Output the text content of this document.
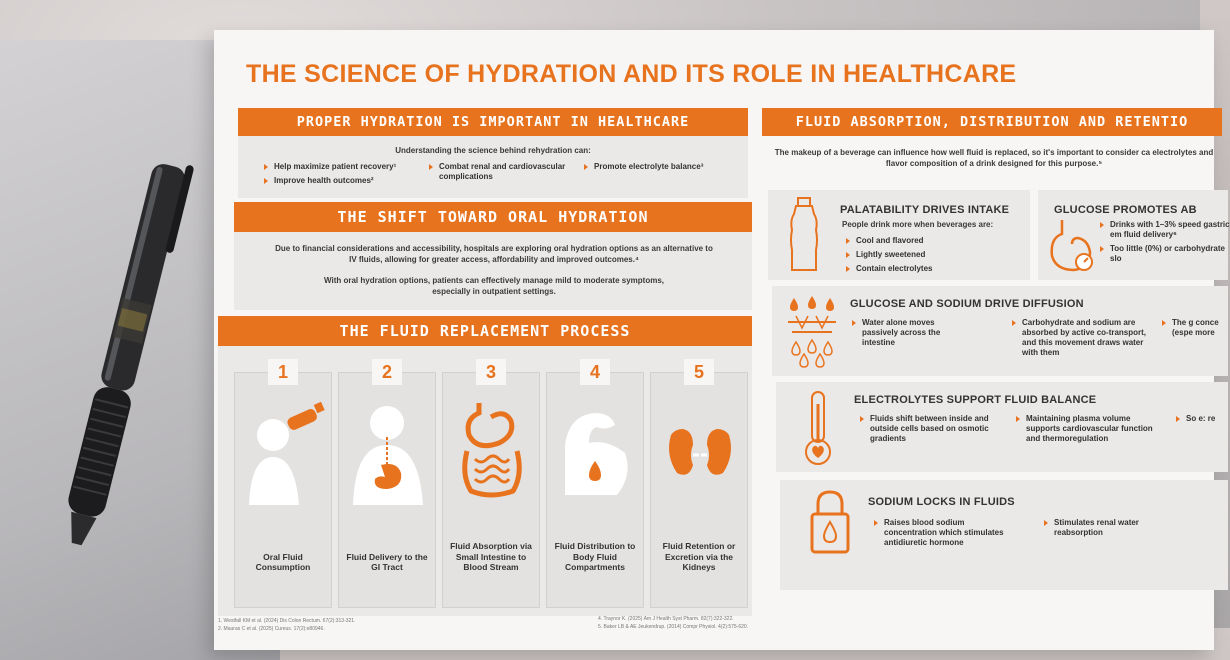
THE SCIENCE OF HYDRATION AND ITS ROLE IN HEALTHCARE
PROPER HYDRATION IS IMPORTANT IN HEALTHCARE
Understanding the science behind rehydration can:
Help maximize patient recovery¹
Improve health outcomes²
Combat renal and cardiovascular complications
Promote electrolyte balance³
THE SHIFT TOWARD ORAL HYDRATION
Due to financial considerations and accessibility, hospitals are exploring oral hydration options as an alternative to IV fluids, allowing for greater access, affordability and improved outcomes.⁴
With oral hydration options, patients can effectively manage mild to moderate symptoms, especially in outpatient settings.
THE FLUID REPLACEMENT PROCESS
1
Oral Fluid Consumption
2
Fluid Delivery to the GI Tract
3
Fluid Absorption via Small Intestine to Blood Stream
4
Fluid Distribution to Body Fluid Compartments
5
Fluid Retention or Excretion via the Kidneys
FLUID ABSORPTION, DISTRIBUTION AND RETENTIO
The makeup of a beverage can influence how well fluid is replaced, so it's important to consider ca electrolytes and flavor composition of a drink designed for this purpose.⁵
PALATABILITY DRIVES INTAKE
People drink more when beverages are:
Cool and flavored
Lightly sweetened
Contain electrolytes
GLUCOSE PROMOTES AB
Drinks with 1–3% speed gastric em fluid delivery⁶
Too little (0%) or carbohydrate slo
GLUCOSE AND SODIUM DRIVE DIFFUSION
Water alone moves passively across the intestine
Carbohydrate and sodium are absorbed by active co-transport, and this movement draws water with them
The g conce (espe more
ELECTROLYTES SUPPORT FLUID BALANCE
Fluids shift between inside and outside cells based on osmotic gradients
Maintaining plasma volume supports cardiovascular function and thermoregulation
So e: re
SODIUM LOCKS IN FLUIDS
Raises blood sodium concentration which stimulates antidiuretic hormone
Stimulates renal water reabsorption
1. Westfall KM et al. (2024) Dis Colon Rectum. 67(2):313-321.
2. Mauras C et al. (2025) Cureus. 17(2):e80946.
4. Traynor K. (2025) Am J Health Syst Pharm. 82(7):322-322.
5. Baker LB & AE Jeukendrup. (2014) Compr Physiol. 4(2):575-620.
